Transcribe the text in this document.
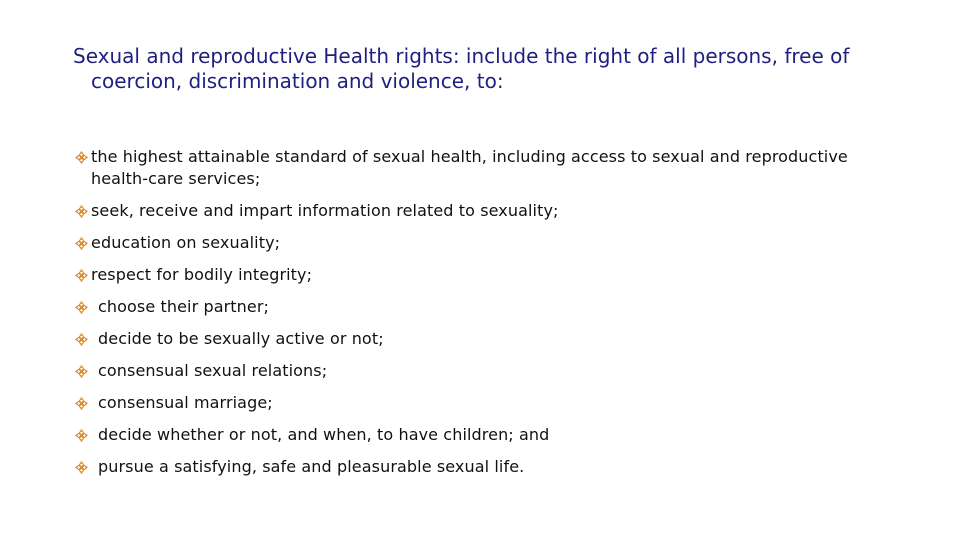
Sexual and reproductive Health rights: include the right of all persons, free of coercion, discrimination and violence, to:
the highest attainable standard of sexual health, including access to sexual and reproductive health-care services;
seek, receive and impart information related to sexuality;
education on sexuality;
respect for bodily integrity;
choose their partner;
decide to be sexually active or not;
consensual sexual relations;
consensual marriage;
decide whether or not, and when, to have children; and
pursue a satisfying, safe and pleasurable sexual life.
